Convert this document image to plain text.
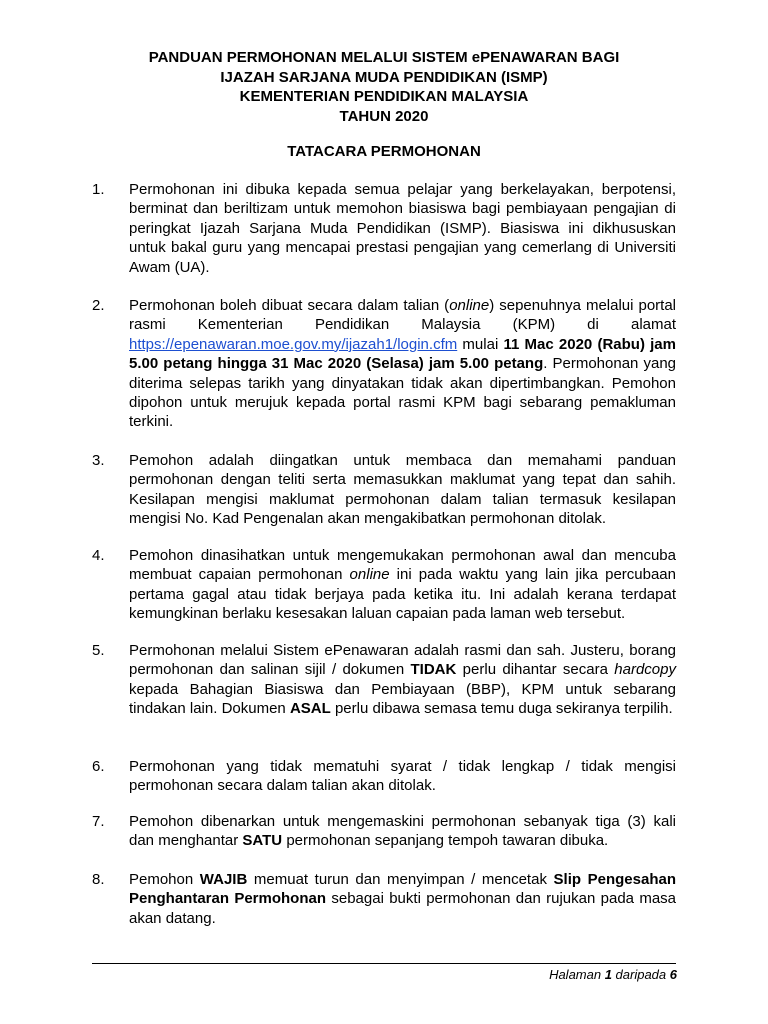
PANDUAN PERMOHONAN MELALUI SISTEM ePENAWARAN BAGI

IJAZAH SARJANA MUDA PENDIDIKAN (ISMP)

KEMENTERIAN PENDIDIKAN MALAYSIA

TAHUN 2020

TATACARA PERMOHONAN

1.	Permohonan ini dibuka kepada semua pelajar yang berkelayakan, berpotensi, berminat dan beriltizam untuk memohon biasiswa bagi pembiayaan pengajian di peringkat Ijazah Sarjana Muda Pendidikan (ISMP). Biasiswa ini dikhususkan untuk bakal guru yang mencapai prestasi pengajian yang cemerlang di Universiti Awam (UA).
2.	Permohonan boleh dibuat secara dalam talian (online) sepenuhnya melalui portal rasmi Kementerian Pendidikan Malaysia (KPM) di alamat https://epenawaran.moe.gov.my/ijazah1/login.cfm mulai 11 Mac 2020 (Rabu) jam 5.00 petang hingga 31 Mac 2020 (Selasa) jam 5.00 petang. Permohonan yang diterima selepas tarikh yang dinyatakan tidak akan dipertimbangkan. Pemohon dipohon untuk merujuk kepada portal rasmi KPM bagi sebarang pemakluman terkini.
3.	Pemohon adalah diingatkan untuk membaca dan memahami panduan permohonan dengan teliti serta memasukkan maklumat yang tepat dan sahih. Kesilapan mengisi maklumat permohonan dalam talian termasuk kesilapan mengisi No. Kad Pengenalan akan mengakibatkan permohonan ditolak.
4.	Pemohon dinasihatkan untuk mengemukakan permohonan awal dan mencuba membuat capaian permohonan online ini pada waktu yang lain jika percubaan pertama gagal atau tidak berjaya pada ketika itu. Ini adalah kerana terdapat kemungkinan berlaku kesesakan laluan capaian pada laman web tersebut.
5.	Permohonan melalui Sistem ePenawaran adalah rasmi dan sah. Justeru, borang permohonan dan salinan sijil / dokumen TIDAK perlu dihantar secara hardcopy kepada Bahagian Biasiswa dan Pembiayaan (BBP), KPM untuk sebarang tindakan lain. Dokumen ASAL perlu dibawa semasa temu duga sekiranya terpilih.
6.	Permohonan yang tidak mematuhi syarat / tidak lengkap / tidak mengisi permohonan secara dalam talian akan ditolak.
7.	Pemohon dibenarkan untuk mengemaskini permohonan sebanyak tiga (3) kali dan menghantar SATU permohonan sepanjang tempoh tawaran dibuka.
8.	Pemohon WAJIB memuat turun dan menyimpan / mencetak Slip Pengesahan Penghantaran Permohonan sebagai bukti permohonan dan rujukan pada masa akan datang.
Halaman 1 daripada 6
